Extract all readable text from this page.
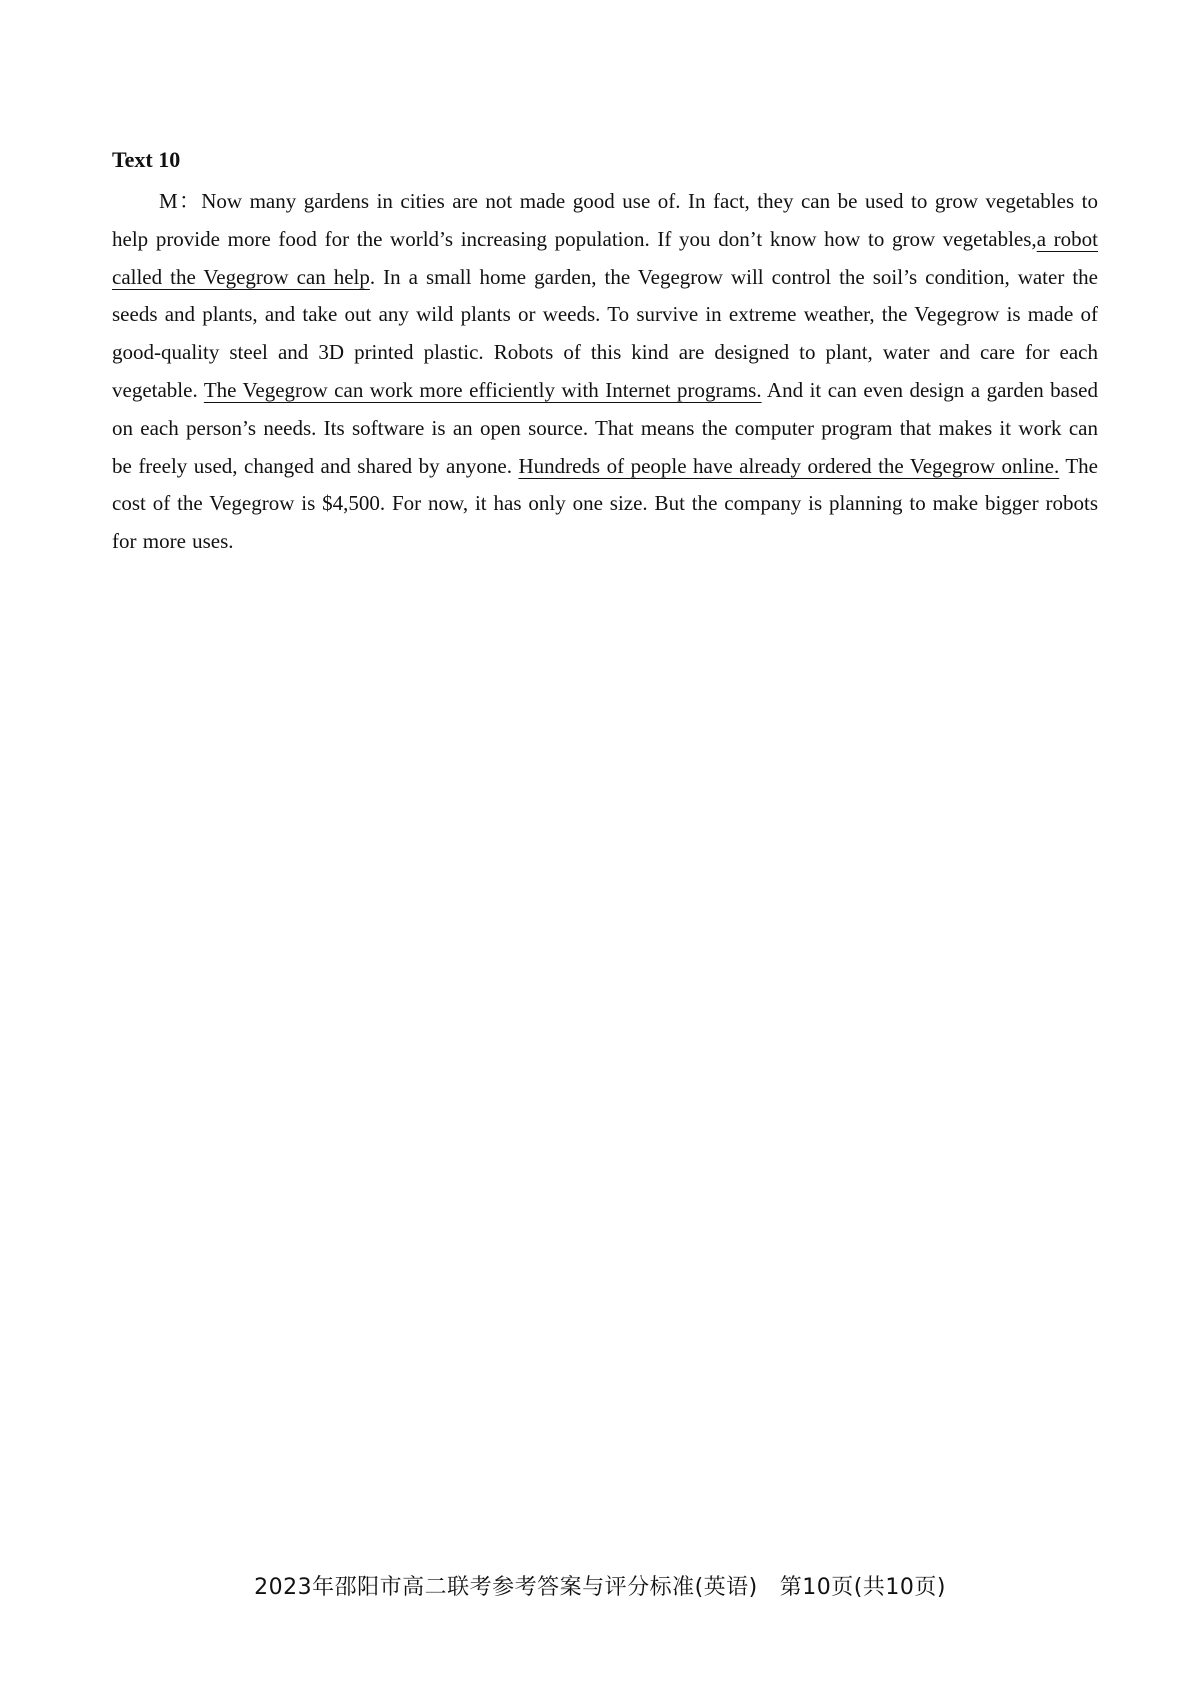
Text 10

M：Now many gardens in cities are not made good use of. In fact, they can be used to grow vegetables to help provide more food for the world’s increasing population. If you don’t know how to grow vegetables,a robot called the Vegegrow can help. In a small home garden, the Vegegrow will control the soil’s condition, water the seeds and plants, and take out any wild plants or weeds. To survive in extreme weather, the Vegegrow is made of good-quality steel and 3D printed plastic. Robots of this kind are designed to plant, water and care for each vegetable. The Vegegrow can work more efficiently with Internet programs. And it can even design a garden based on each person’s needs. Its software is an open source. That means the computer program that makes it work can be freely used, changed and shared by anyone. Hundreds of people have already ordered the Vegegrow online. The cost of the Vegegrow is $4,500. For now, it has only one size. But the company is planning to make bigger robots for more uses.

2023年邵阳市高二联考参考答案与评分标准(英语) 第10页(共10页)
